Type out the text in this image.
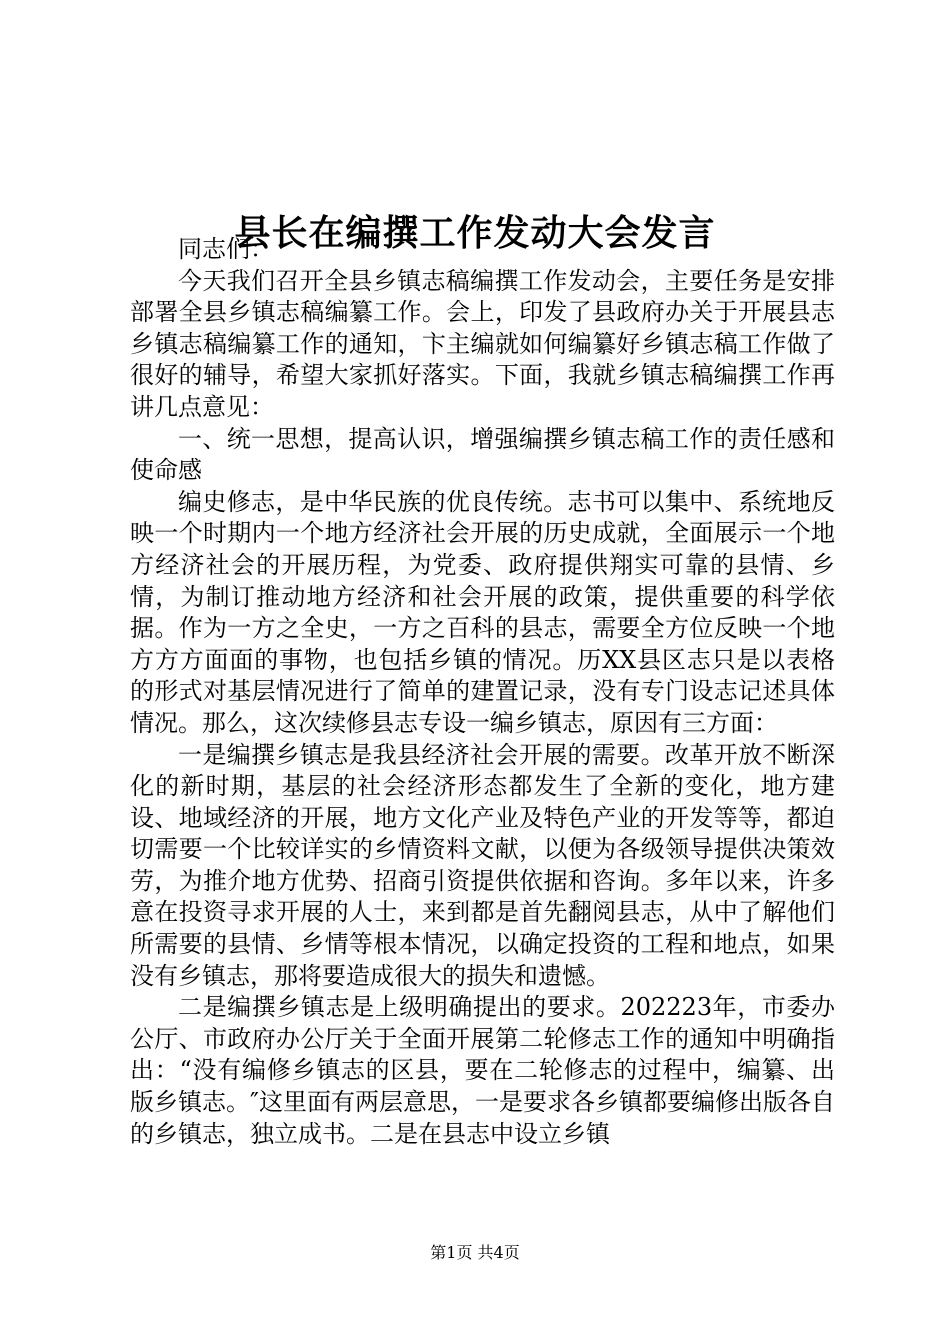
县长在编撰工作发动大会发言

同志们：

今天我们召开全县乡镇志稿编撰工作发动会，主要任务是安排部署全县乡镇志稿编纂工作。会上，印发了县政府办关于开展县志乡镇志稿编纂工作的通知，卞主编就如何编纂好乡镇志稿工作做了很好的辅导，希望大家抓好落实。下面，我就乡镇志稿编撰工作再讲几点意见：

一、统一思想，提高认识，增强编撰乡镇志稿工作的责任感和使命感

编史修志，是中华民族的优良传统。志书可以集中、系统地反映一个时期内一个地方经济社会开展的历史成就，全面展示一个地方经济社会的开展历程，为党委、政府提供翔实可靠的县情、乡情，为制订推动地方经济和社会开展的政策，提供重要的科学依据。作为一方之全史，一方之百科的县志，需要全方位反映一个地方方方面面的事物，也包括乡镇的情况。历XX县区志只是以表格的形式对基层情况进行了简单的建置记录，没有专门设志记述具体情况。那么，这次续修县志专设一编乡镇志，原因有三方面：

一是编撰乡镇志是我县经济社会开展的需要。改革开放不断深化的新时期，基层的社会经济形态都发生了全新的变化，地方建设、地域经济的开展，地方文化产业及特色产业的开发等等，都迫切需要一个比较详实的乡情资料文献，以便为各级领导提供决策效劳，为推介地方优势、招商引资提供依据和咨询。多年以来，许多意在投资寻求开展的人士，来到都是首先翻阅县志，从中了解他们所需要的县情、乡情等根本情况，以确定投资的工程和地点，如果没有乡镇志，那将要造成很大的损失和遗憾。

二是编撰乡镇志是上级明确提出的要求。202223年，市委办公厅、市政府办公厅关于全面开展第二轮修志工作的通知中明确指出：“没有编修乡镇志的区县，要在二轮修志的过程中，编纂、出版乡镇志。″这里面有两层意思，一是要求各乡镇都要编修出版各自的乡镇志，独立成书。二是在县志中设立乡镇

第1页 共4页
